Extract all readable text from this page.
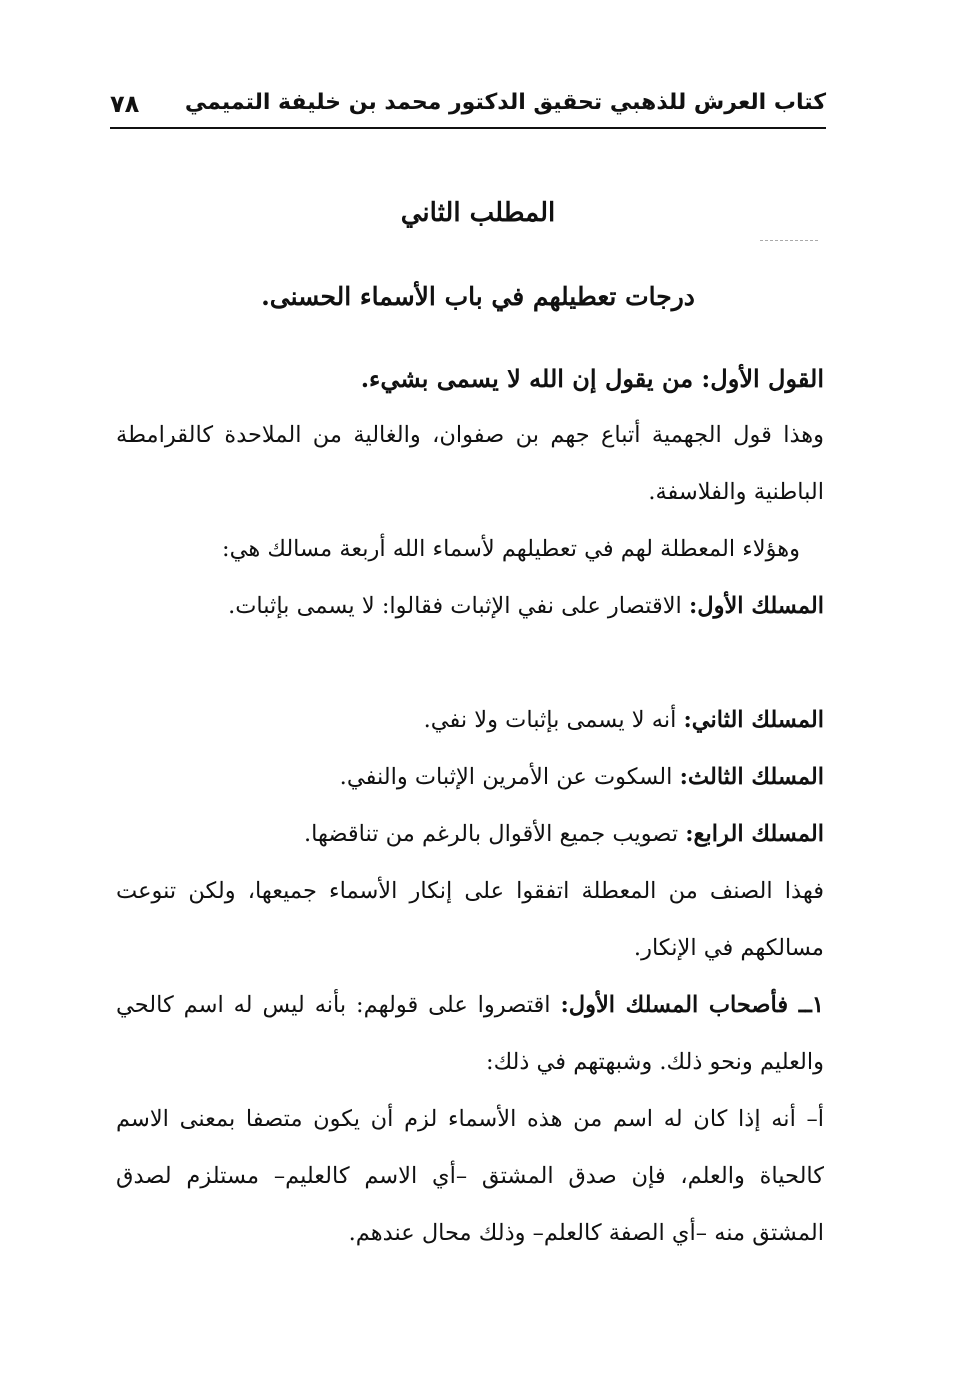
كتاب العرش للذهبي تحقيق الدكتور محمد بن خليفة التميمي
٧٨
المطلب الثاني
درجات تعطيلهم في باب الأسماء الحسنى.
القول الأول: من يقول إن الله لا يسمى بشيء.
وهذا قول الجهمية أتباع جهم بن صفوان، والغالية من الملاحدة كالقرامطة الباطنية والفلاسفة.
وهؤلاء المعطلة لهم في تعطيلهم لأسماء الله أربعة مسالك هي:
المسلك الأول: الاقتصار على نفي الإثبات فقالوا: لا يسمى بإثبات.
المسلك الثاني: أنه لا يسمى بإثبات ولا نفي.
المسلك الثالث: السكوت عن الأمرين الإثبات والنفي.
المسلك الرابع: تصويب جميع الأقوال بالرغم من تناقضها.
فهذا الصنف من المعطلة اتفقوا على إنكار الأسماء جميعها، ولكن تنوعت مسالكهم في الإنكار.
١ــ فأصحاب المسلك الأول: اقتصروا على قولهم: بأنه ليس له اسم كالحي والعليم ونحو ذلك. وشبهتهم في ذلك:
أ– أنه إذا كان له اسم من هذه الأسماء لزم أن يكون متصفا بمعنى الاسم كالحياة والعلم، فإن صدق المشتق –أي الاسم كالعليم– مستلزم لصدق المشتق منه –أي الصفة كالعلم– وذلك محال عندهم.
